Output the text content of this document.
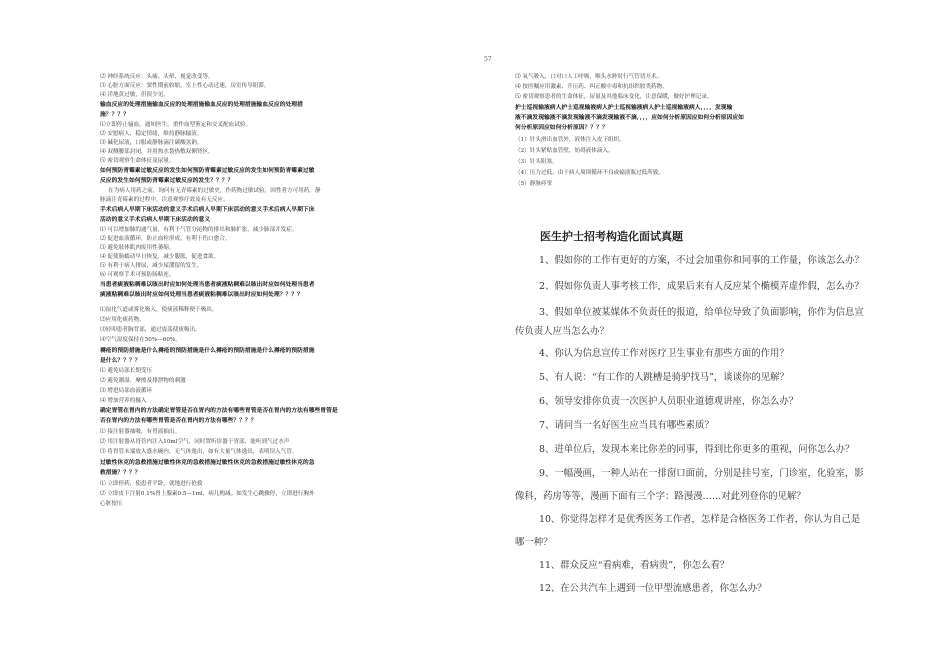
57
⑵ 神经系统反应：头痛、头晕、视觉改变等。
⑶ 心脏方面反应：窦性期前收缩，室上性心动过速，房室传导阻滞。
⑷ 洋地黄过敏，但很少见。
输血反应的处理措施输血反应的处理措施输血反应的处理措施输血反应的处理措
施？？？？
⑴立即停止输血，通知医生，重作血型鉴定和交叉配血试验。
⑵ 安慰病人，稳定情绪，维持静脉输液。
⑶ 碱化尿液，口服或静脉滴注碳酸氢钠。
⑷ 双侧腰部封闭，并用热水袋热敷双侧肾区。
⑸ 密切观察生命体征及尿量。
如何预防青霉素过敏反应的发生如何预防青霉素过敏反应的发生如何预防青霉素过敏
反应的发生如何预防青霉素过敏反应的发生？？？？
在为病人用药之前，询问有无青霉素的过敏史，作药物过敏试验，因性者方可用药。静
脉滴注青霉素的过程中，注意观察疗效及有无反应。
手术后病人早期下床活动的意义手术后病人早期下床活动的意义手术后病人早期下床
活动的意义手术后病人早期下床活动的意义
⑴ 可以增加肺的通气量，有利于气管分泌物的排出和肺扩张，减少肺部并发症。
⑵ 促进血液循环，防止血栓形成，有利于伤口愈合。
⑶ 避免肢体肌肉废用性萎缩。
⑷ 促使肠蠕动早日恢复，减少腹胀，促进食欲。
⑸ 有利于病人排尿，减少尿潴留的发生。
⑹ 可观察手术可预防肠粘连。
当患者痰液粘稠难以咳出时应如何处理当患者痰液粘稠难以咳出时应如何处理当患者
痰液粘稠难以咳出时应如何处理当患者痰液粘稠难以咳出时应如何处理？？？？
⑴湿化气道或雾化吸入，使痰液稀释便于吸出。
⑵应用化痰药物。
⑶轻叩患者胸背部，通过震荡使痰吸出。
⑷空气湿度保持在50%—60%。
褥疮的预防措施是什么褥疮的预防措施是什么褥疮的预防措施是什么褥疮的预防措施
是什么？？？？
⑴ 避免局部长期受压
⑵ 避免潮湿、摩擦及排泄物的刺激
⑶ 增进局部血液循环
⑷ 增加营养的摄入
确定胃管在胃内的方法确定胃管是否在胃内的方法有哪些胃管是否在胃内的方法有哪些胃管是
否在胃内的方法有哪些胃管是否在胃内的方法有哪些？？？？
⑴ 接注射器抽吸，有胃液抽出。
⑵ 用注射器从胃管内注入10ml空气，同时置听诊器于胃部，能听到气过水声
⑶ 将胃管末端放入盛水碗内，无气体逸出，如有大量气体逸出，表明误入气管。
过敏性休克的急救措施过敏性休克的急救措施过敏性休克的急救措施过敏性休克的急
救措施？？？？
⑴ 立即停药，使患者平卧，就地进行抢救
⑵ 立即皮下注射0.1%肾上腺素0.5—1ml，病儿酌减。如发生心跳骤停，立即进行胸外
心脏按压
⑶ 氧气吸入，口对口人工呼吸，喉头水肿时行气管切开术。
⑷ 按医嘱应用激素、升压药、纠正酸中毒和抗组织胺类药物。
⑸ 密切观察患者的生命体征，尿量及其他临床变化，注意保暖，做好护理记录。
护士巡视输液病人护士巡视输液病人护士巡视输液病人护士巡视输液病人，，，，发现输
液不滴发现输液不滴发现输液不滴发现输液不滴，，，，应如何分析原因应如何分析原因应如
何分析原因应如何分析原因？？？？
（1）针头滑出血管外，液体注入皮下组织。
（2）针头紧贴血管壁，妨碍液体滴入。
（3）针头阻塞。
（4）压力过低，由于病人周围循环不良或输液瓶过低所致。
（5）静脉痉挛
医生护士招考构造化面试真题
1、假如你的工作有更好的方案，不过会加重你和同事的工作量，你该怎么办？
2、假如你负责人事考核工作，成果后来有人反应某个椭模弄虚作假，怎么办？
3、假如单位被某媒体不负责任的报道，给单位导致了负面影响，你作为信息宣
传负责人应当怎么办？
4、你认为信息宣传工作对医疗卫生事业有那些方面的作用？
5、有人说：“有工作的人跳槽是骑驴找马”，谈谈你的见解？
6、领导安排你负责一次医护人员职业道德观讲座，你怎么办？
7、请问当一名好医生应当具有哪些素质？
8、进单位后，发现本来比你差的同事，得到比你更多的重视，问你怎么办？
9、一幅漫画，一种人站在一排窗口面前，分别是挂号室，门诊室，化验室，影
像科，药房等等，漫画下面有三个字：路漫漫……对此列登你的见解？
10、你觉得怎样才是优秀医务工作者，怎样是合格医务工作者，你认为自己是
哪一种？
11、群众反应“看病难，看病贵”，你怎么看？
12、在公共汽车上遇到一位甲型流感患者，你怎么办？
